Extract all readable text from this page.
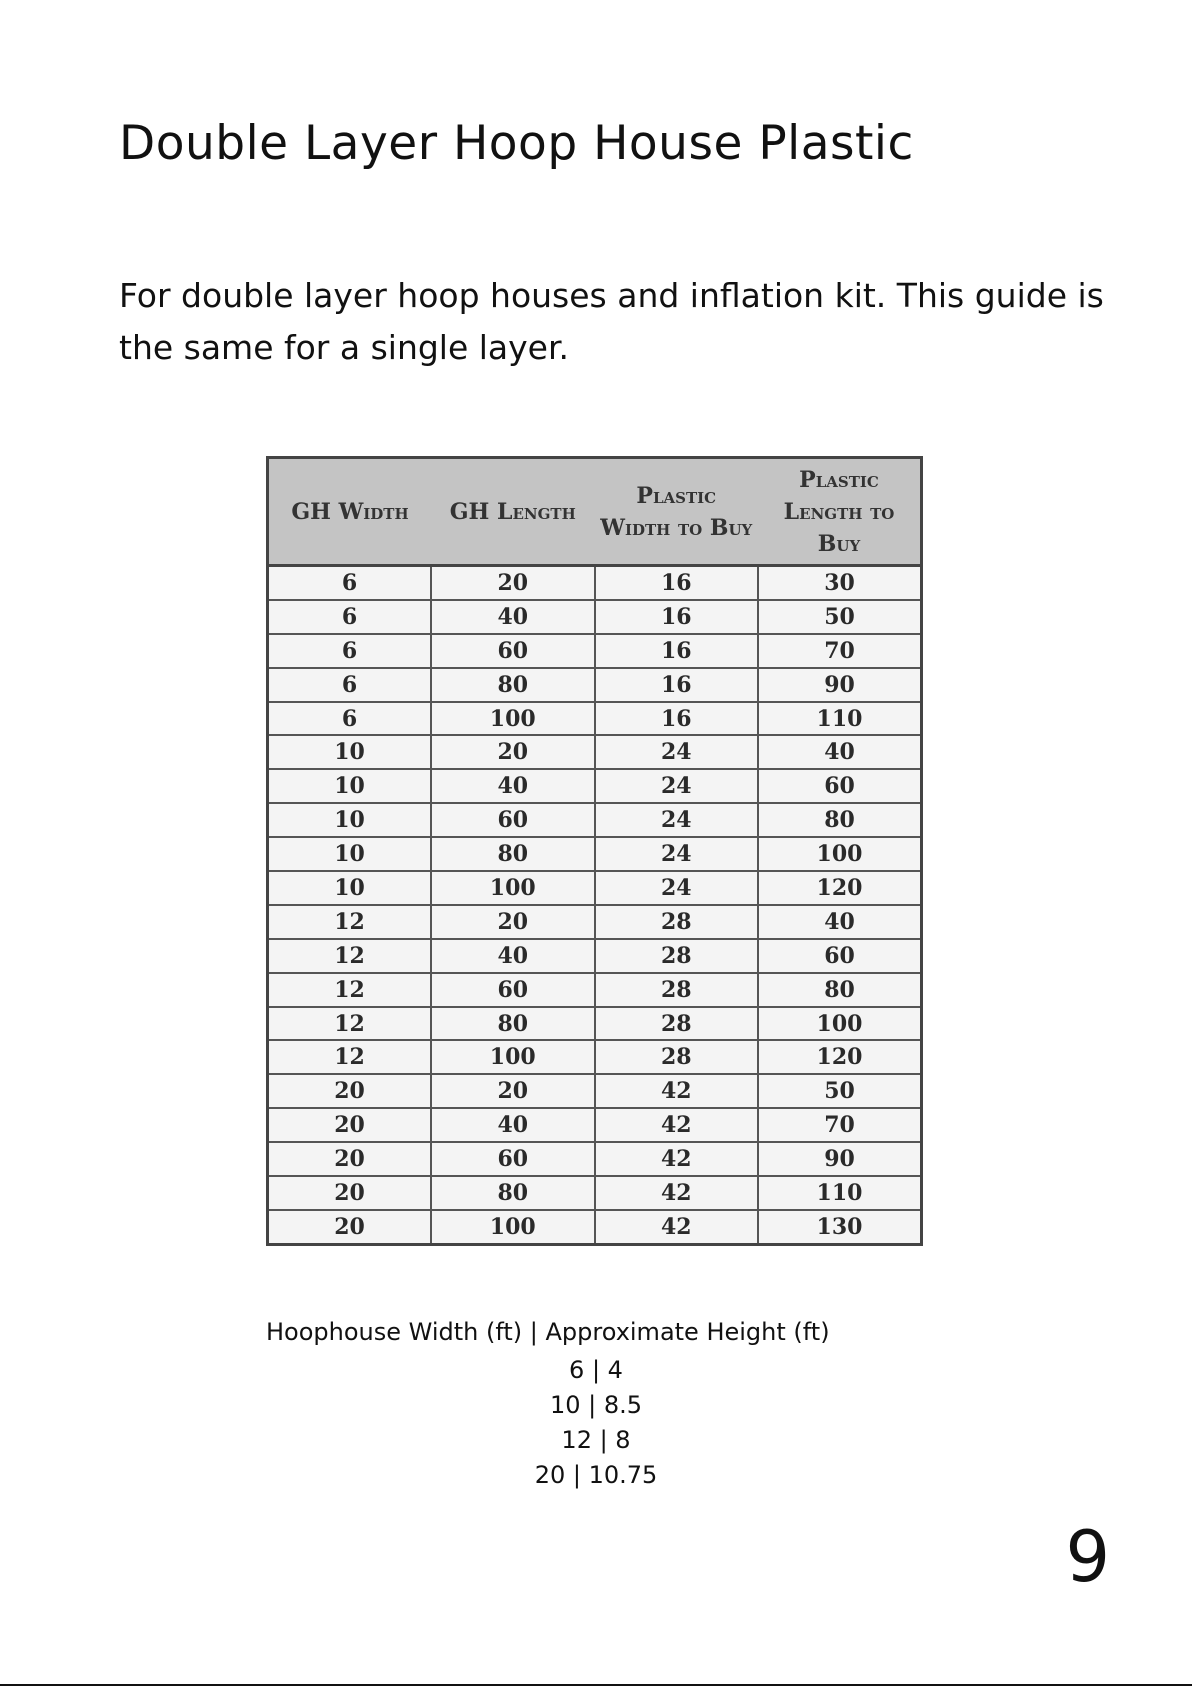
Double Layer Hoop House Plastic

For double layer hoop houses and inflation kit. This guide is the same for a single layer.

GH Width	GH Length	Plastic Width to Buy	Plastic Length to Buy
6	20	16	30
6	40	16	50
6	60	16	70
6	80	16	90
6	100	16	110
10	20	24	40
10	40	24	60
10	60	24	80
10	80	24	100
10	100	24	120
12	20	28	40
12	40	28	60
12	60	28	80
12	80	28	100
12	100	28	120
20	20	42	50
20	40	42	70
20	60	42	90
20	80	42	110
20	100	42	130
Hoophouse Width (ft) | Approximate Height (ft)
6 | 4
10 | 8.5
12 | 8
20 | 10.75
9
